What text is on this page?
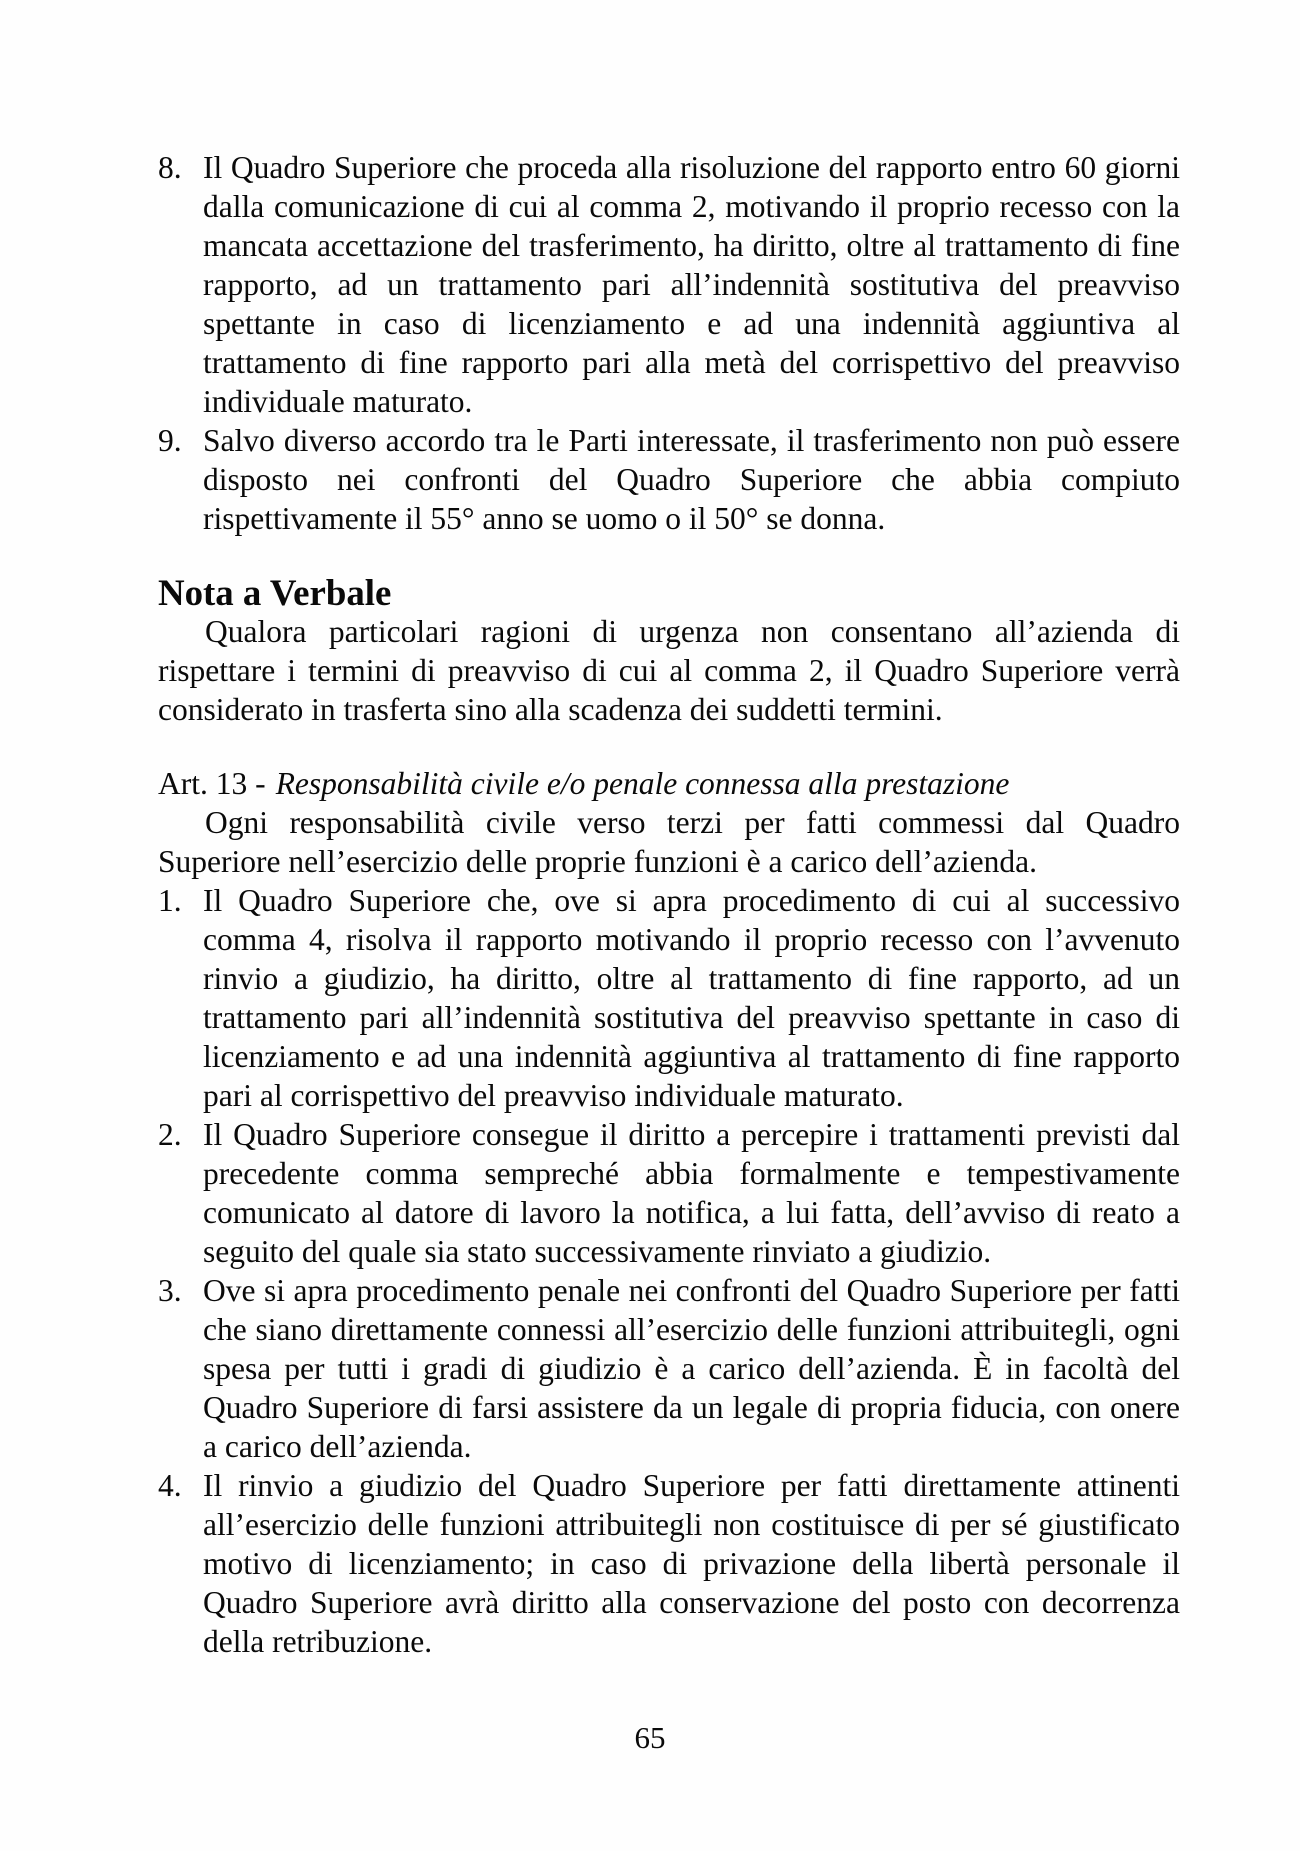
8. Il Quadro Superiore che proceda alla risoluzione del rapporto entro 60 giorni dalla comunicazione di cui al comma 2, motivando il proprio recesso con la mancata accettazione del trasferimento, ha diritto, oltre al trattamento di fine rapporto, ad un trattamento pari all’indennità sostitutiva del preavviso spettante in caso di licenziamento e ad una indennità aggiuntiva al trattamento di fine rapporto pari alla metà del corrispettivo del preavviso individuale maturato.
9. Salvo diverso accordo tra le Parti interessate, il trasferimento non può essere disposto nei confronti del Quadro Superiore che abbia compiuto rispettivamente il 55° anno se uomo o il 50° se donna.
Nota a Verbale

Qualora particolari ragioni di urgenza non consentano all’azienda di rispettare i termini di preavviso di cui al comma 2, il Quadro Superiore verrà considerato in trasferta sino alla scadenza dei suddetti termini.

Art. 13 - Responsabilità civile e/o penale connessa alla prestazione

Ogni responsabilità civile verso terzi per fatti commessi dal Quadro Superiore nell’esercizio delle proprie funzioni è a carico dell’azienda.

1. Il Quadro Superiore che, ove si apra procedimento di cui al successivo comma 4, risolva il rapporto motivando il proprio recesso con l’avvenuto rinvio a giudizio, ha diritto, oltre al trattamento di fine rapporto, ad un trattamento pari all’indennità sostitutiva del preavviso spettante in caso di licenziamento e ad una indennità aggiuntiva al trattamento di fine rapporto pari al corrispettivo del preavviso individuale maturato.
2. Il Quadro Superiore consegue il diritto a percepire i trattamenti previsti dal precedente comma sempreché abbia formalmente e tempestivamente comunicato al datore di lavoro la notifica, a lui fatta, dell’avviso di reato a seguito del quale sia stato successivamente rinviato a giudizio.
3. Ove si apra procedimento penale nei confronti del Quadro Superiore per fatti che siano direttamente connessi all’esercizio delle funzioni attribuitegli, ogni spesa per tutti i gradi di giudizio è a carico dell’azienda. È in facoltà del Quadro Superiore di farsi assistere da un legale di propria fiducia, con onere a carico dell’azienda.
4. Il rinvio a giudizio del Quadro Superiore per fatti direttamente attinenti all’esercizio delle funzioni attribuitegli non costituisce di per sé giustificato motivo di licenziamento; in caso di privazione della libertà personale il Quadro Superiore avrà diritto alla conservazione del posto con decorrenza della retribuzione.
65
